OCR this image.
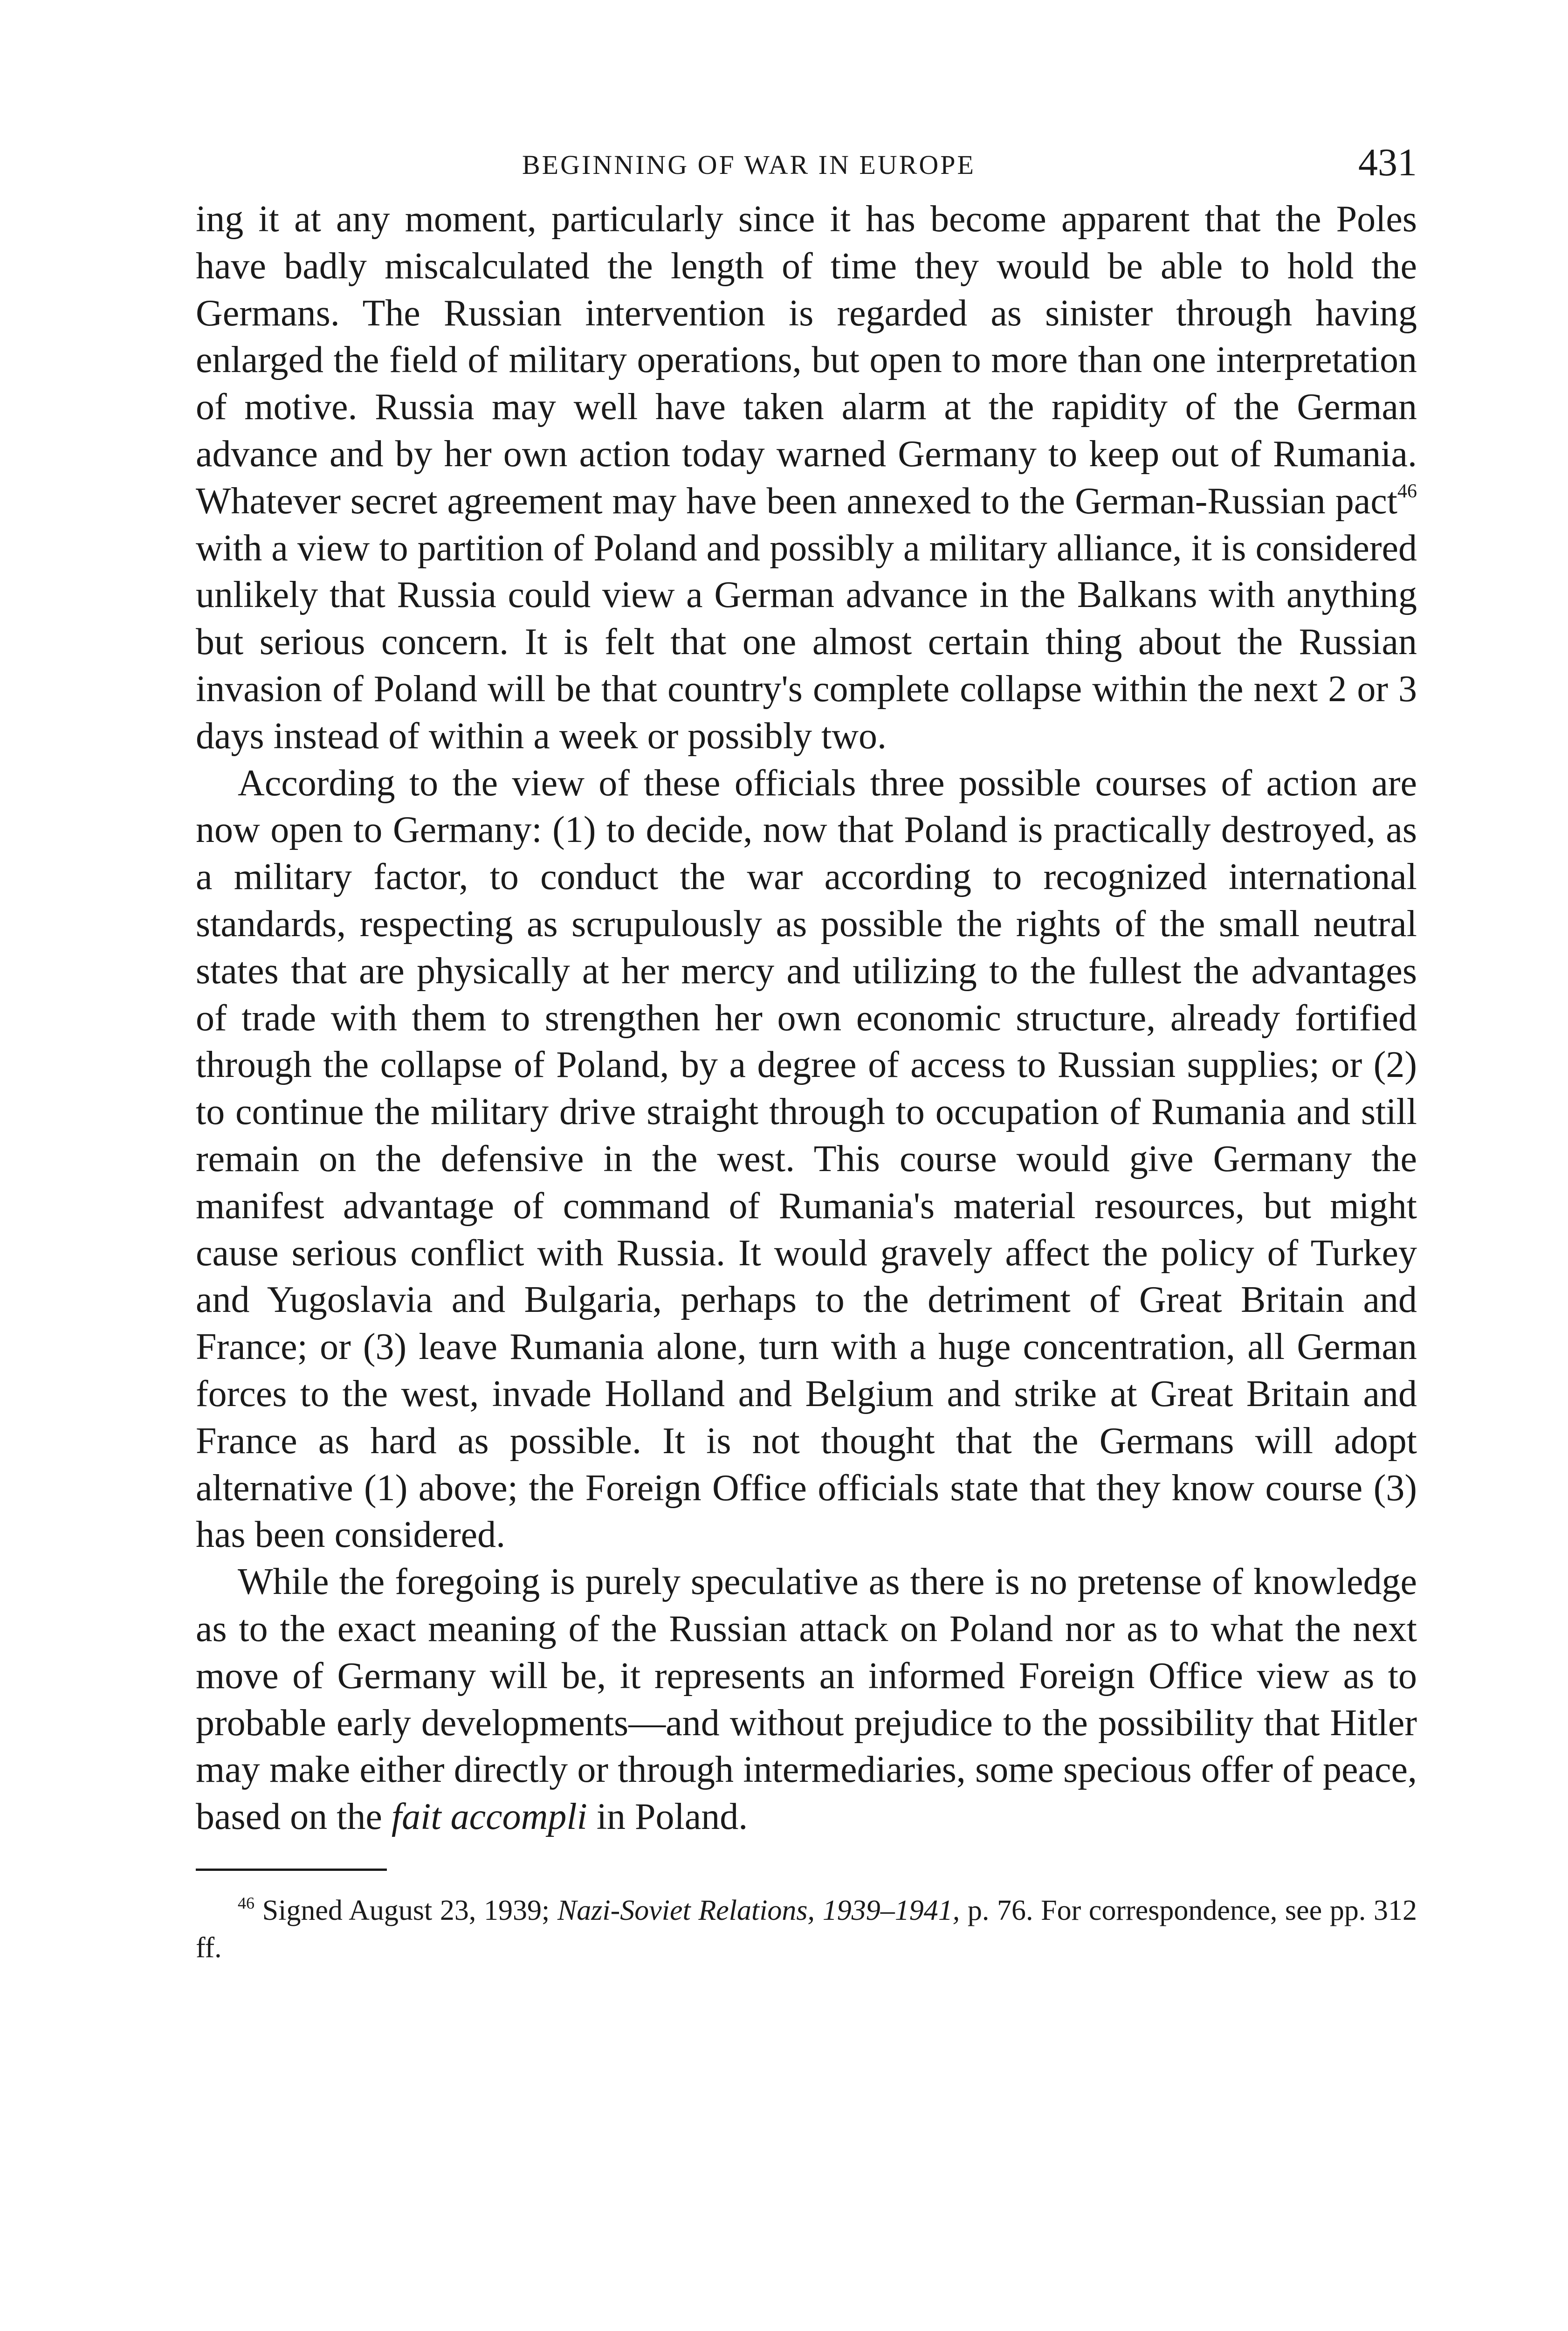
BEGINNING OF WAR IN EUROPE	431
ing it at any moment, particularly since it has become apparent that the Poles have badly miscalculated the length of time they would be able to hold the Germans. The Russian intervention is regarded as sinister through having enlarged the field of military operations, but open to more than one interpretation of motive. Russia may well have taken alarm at the rapidity of the German advance and by her own action today warned Germany to keep out of Rumania. Whatever secret agreement may have been annexed to the German-Russian pact$^{46}$ with a view to partition of Poland and possibly a military alliance, it is considered unlikely that Russia could view a German advance in the Balkans with anything but serious concern. It is felt that one almost certain thing about the Russian invasion of Poland will be that country's complete collapse within the next 2 or 3 days instead of within a week or possibly two.
According to the view of these officials three possible courses of action are now open to Germany: (1) to decide, now that Poland is practically destroyed, as a military factor, to conduct the war according to recognized international standards, respecting as scrupulously as possible the rights of the small neutral states that are physically at her mercy and utilizing to the fullest the advantages of trade with them to strengthen her own economic structure, already fortified through the collapse of Poland, by a degree of access to Russian supplies; or (2) to continue the military drive straight through to occupation of Rumania and still remain on the defensive in the west. This course would give Germany the manifest advantage of command of Rumania's material resources, but might cause serious conflict with Russia. It would gravely affect the policy of Turkey and Yugoslavia and Bulgaria, perhaps to the detriment of Great Britain and France; or (3) leave Rumania alone, turn with a huge concentration, all German forces to the west, invade Holland and Belgium and strike at Great Britain and France as hard as possible. It is not thought that the Germans will adopt alternative (1) above; the Foreign Office officials state that they know course (3) has been considered.
While the foregoing is purely speculative as there is no pretense of knowledge as to the exact meaning of the Russian attack on Poland nor as to what the next move of Germany will be, it represents an informed Foreign Office view as to probable early developments—and without prejudice to the possibility that Hitler may make either directly or through intermediaries, some specious offer of peace, based on the fait accompli in Poland.
$^{46}$ Signed August 23, 1939; Nazi-Soviet Relations, 1939–1941, p. 76. For correspondence, see pp. 312 ff.
